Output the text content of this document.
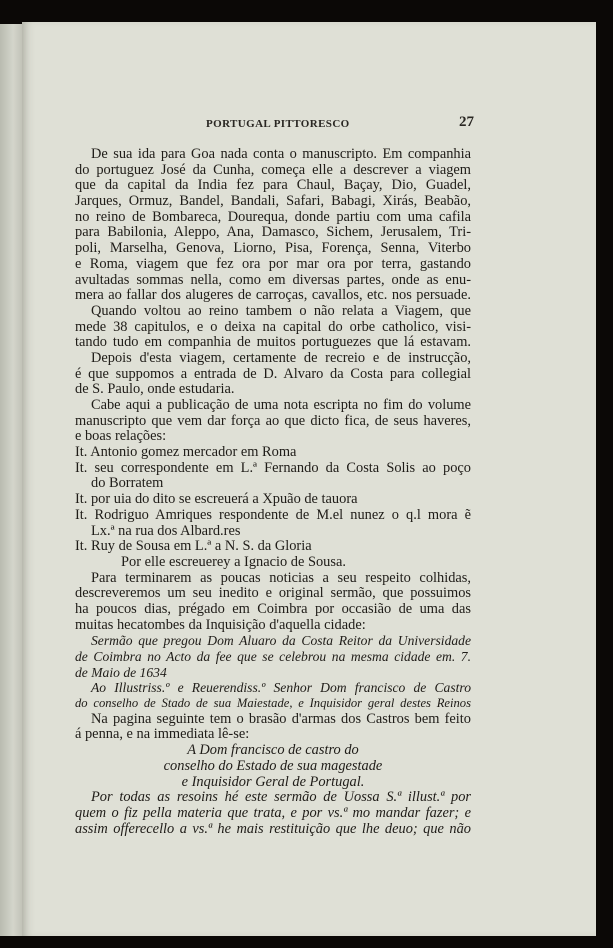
PORTUGAL PITTORESCO	27
De sua ida para Goa nada conta o manuscripto. Em companhia
do portuguez José da Cunha, começa elle a descrever a viagem
que da capital da India fez para Chaul, Baçay, Dio, Guadel,
Jarques, Ormuz, Bandel, Bandali, Safari, Babagi, Xirás, Beabão,
no reino de Bombareca, Dourequa, donde partiu com uma cafila
para Babilonia, Aleppo, Ana, Damasco, Sichem, Jerusalem, Tri-
poli, Marselha, Genova, Liorno, Pisa, Forença, Senna, Viterbo
e Roma, viagem que fez ora por mar ora por terra, gastando
avultadas sommas nella, como em diversas partes, onde as enu-
mera ao fallar dos alugeres de carroças, cavallos, etc. nos persuade.
Quando voltou ao reino tambem o não relata a Viagem, que
mede 38 capitulos, e o deixa na capital do orbe catholico, visi-
tando tudo em companhia de muitos portuguezes que lá estavam.
Depois d'esta viagem, certamente de recreio e de instrucção,
é que suppomos a entrada de D. Alvaro da Costa para collegial
de S. Paulo, onde estudaria.
Cabe aqui a publicação de uma nota escripta no fim do volume
manuscripto que vem dar força ao que dicto fica, de seus haveres,
e boas relações:
It. Antonio gomez mercador em Roma
It. seu correspondente em L.ª Fernando da Costa Solis ao poço
do Borratem
It. por uia do dito se escreuerá a Xpuão de tauora
It. Rodriguo Amriques respondente de M.el nunez o q.l mora ẽ
Lx.ª na rua dos Albard.res
It. Ruy de Sousa em L.ª a N. S. da Gloria
Por elle escreuerey a Ignacio de Sousa.
Para terminarem as poucas noticias a seu respeito colhidas,
descreveremos um seu inedito e original sermão, que possuimos
ha poucos dias, prégado em Coimbra por occasião de uma das
muitas hecatombes da Inquisição d'aquella cidade:
Sermão que pregou Dom Aluaro da Costa Reitor da Universidade
de Coimbra no Acto da fee que se celebrou na mesma cidade em. 7.
de Maio de 1634
Ao Illustriss.º e Reuerendiss.º Senhor Dom francisco de Castro
do conselho de Stado de sua Maiestade, e Inquisidor geral destes Reinos
Na pagina seguinte tem o brasão d'armas dos Castros bem feito
á penna, e na immediata lê-se:
A Dom francisco de castro do
conselho do Estado de sua magestade
e Inquisidor Geral de Portugal.
Por todas as resoins hé este sermão de Uossa S.ª illust.ª por
quem o fiz pella materia que trata, e por vs.ª mo mandar fazer; e
assim offerecello a vs.ª he mais restituição que lhe deuo; que não
